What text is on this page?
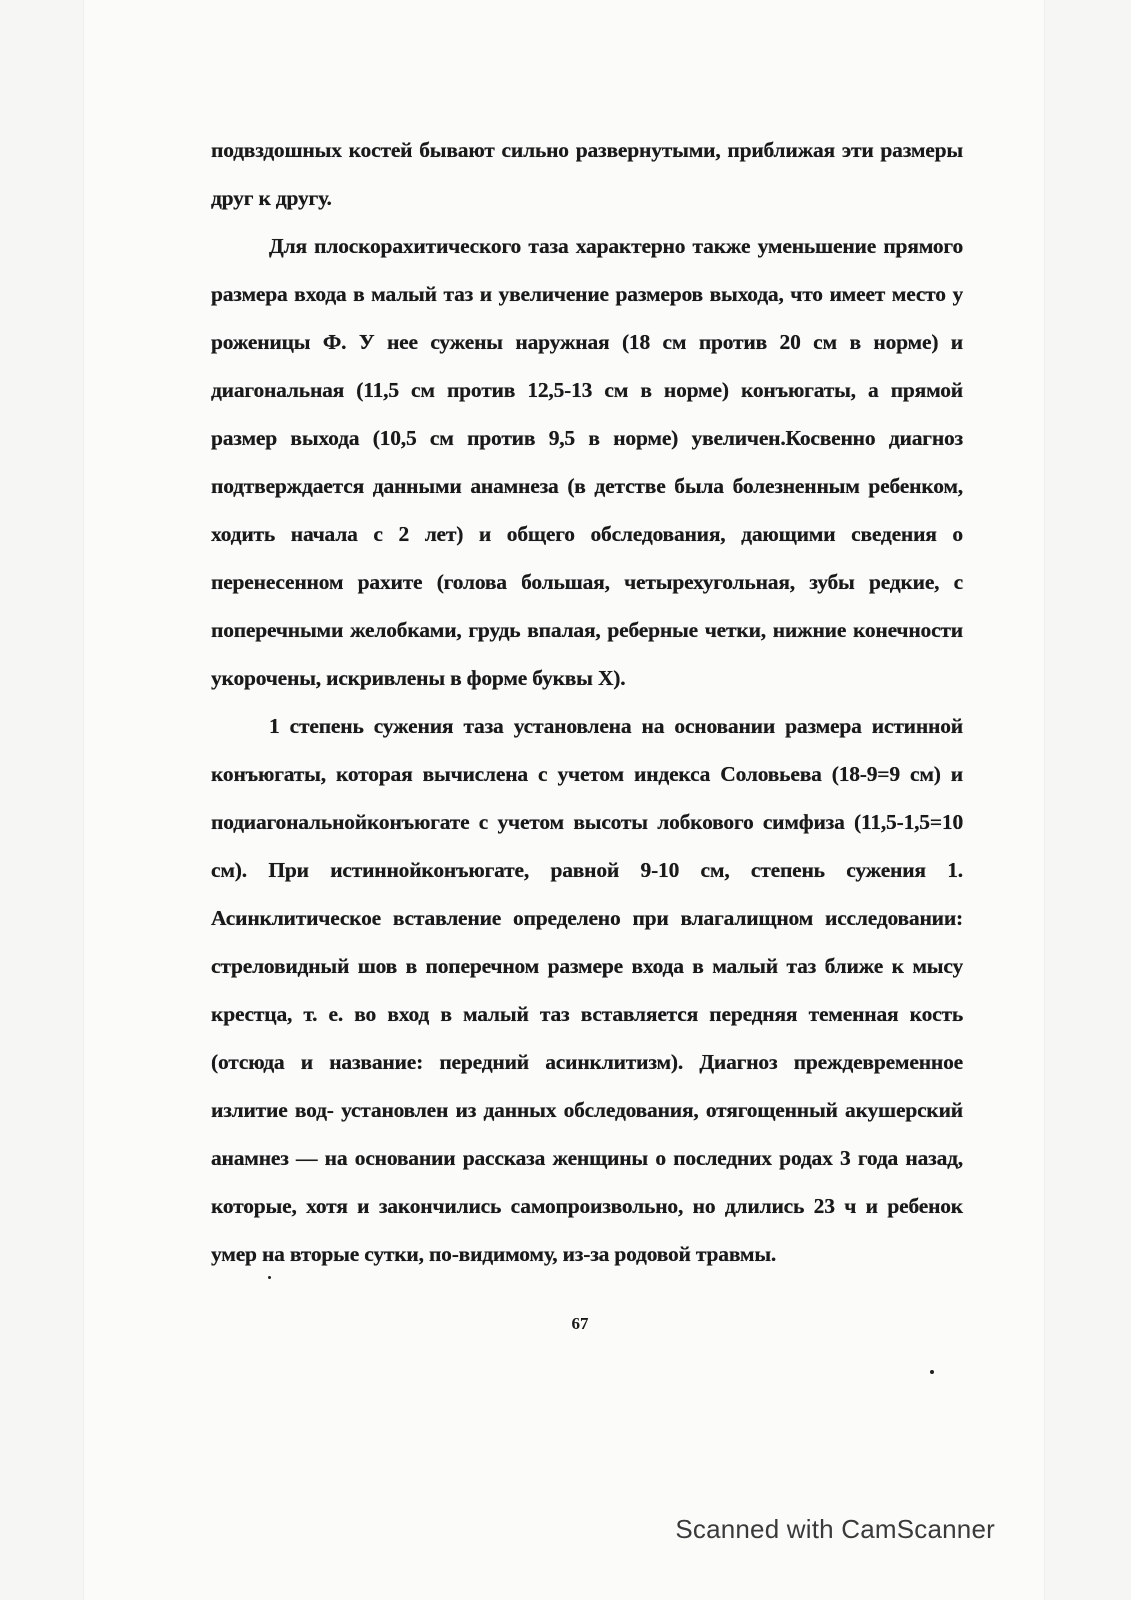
подвздошных костей бывают сильно развернутыми, приближая эти размеры друг к другу.

Для плоскорахитического таза характерно также уменьшение прямого размера входа в малый таз и увеличение размеров выхода, что имеет место у роженицы Ф. У нее сужены наружная (18 см против 20 см в норме) и диагональная (11,5 см против 12,5-13 см в норме) конъюгаты, а прямой размер выхода (10,5 см против 9,5 в норме) увеличен.Косвенно диагноз подтверждается данными анамнеза (в детстве была болезненным ребенком, ходить начала с 2 лет) и общего обследования, дающими сведения о перенесенном рахите (голова большая, четырехугольная, зубы редкие, с поперечными желобками, грудь впалая, реберные четки, нижние конечности укорочены, искривлены в форме буквы X).

1 степень сужения таза установлена на основании размера истинной конъюгаты, которая вычислена с учетом индекса Соловьева (18-9=9 см) и подиагональнойконъюгате с учетом высоты лобкового симфиза (11,5-1,5=10 см). При истиннойконъюгате, равной 9-10 см, степень сужения 1. Асинклитическое вставление определено при влагалищном исследовании: стреловидный шов в поперечном размере входа в малый таз ближе к мысу крестца, т. е. во вход в малый таз вставляется передняя теменная кость (отсюда и название: передний асинклитизм). Диагноз преждевременное излитие вод- установлен из данных обследования, отягощенный акушерский анамнез — на основании рассказа женщины о последних родах 3 года назад, которые, хотя и закончились самопроизвольно, но длились 23 ч и ребенок умер на вторые сутки, по-видимому, из-за родовой травмы.

67
Scanned with CamScanner
